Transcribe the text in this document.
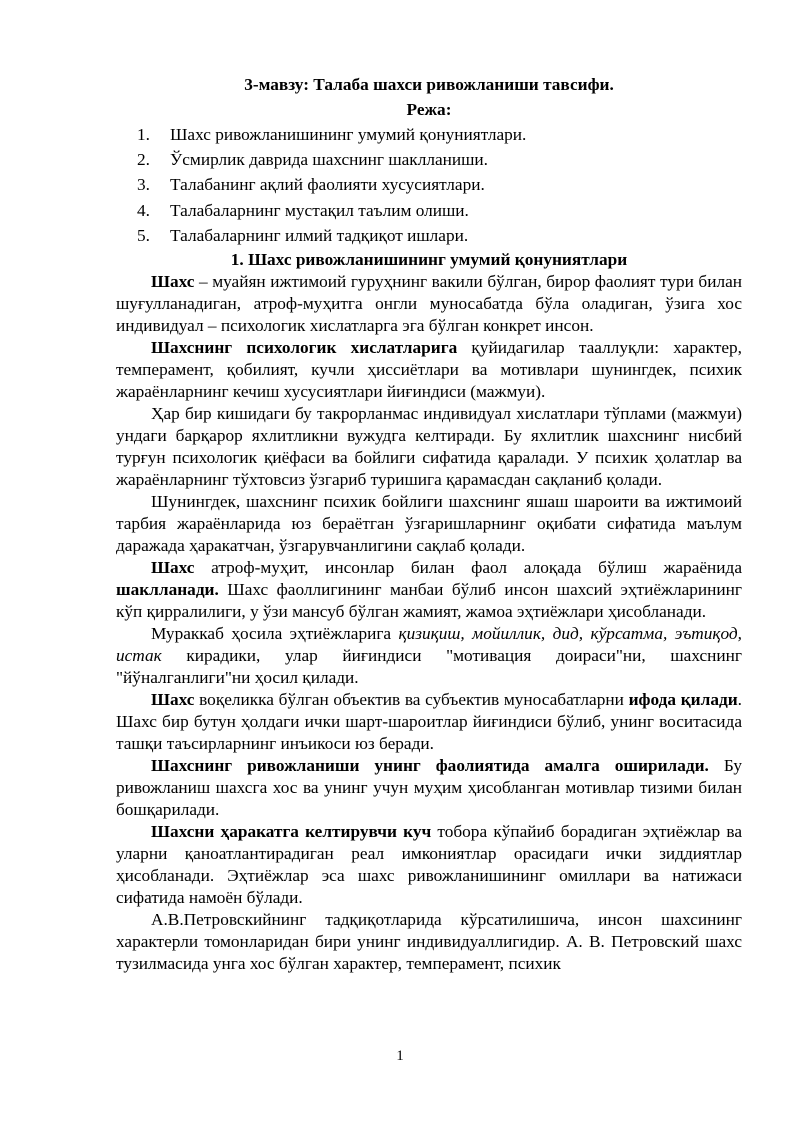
3-мавзу: Талаба шахси ривожланиши тавсифи.

Режа:

1.	Шахс ривожланишининг умумий қонуниятлари.
2.	Ўсмирлик даврида шахснинг шаклланиши.
3.	Талабанинг ақлий фаолияти хусусиятлари.
4.	Талабаларнинг мустақил таълим олиши.
5.	Талабаларнинг илмий тадқиқот ишлари.

1. Шахс ривожланишининг умумий қонуниятлари

Шахс – муайян ижтимоий гуруҳнинг вакили бўлган, бирор фаолият тури билан шуғулланадиган, атроф-муҳитга онгли муносабатда бўла оладиган, ўзига хос индивидуал – психологик хислатларга эга бўлган конкрет инсон.

Шахснинг психологик хислатларига қуйидагилар тааллуқли: характер, темперамент, қобилият, кучли ҳиссиётлари ва мотивлари шунингдек, психик жараёнларнинг кечиш хусусиятлари йиғиндиси (мажмуи).

Ҳар бир кишидаги бу такрорланмас индивидуал хислатлари тўплами (мажмуи) ундаги барқарор яхлитликни вужудга келтиради. Бу яхлитлик шахснинг нисбий турғун психологик қиёфаси ва бойлиги сифатида қаралади. У психик ҳолатлар ва жараёнларнинг тўхтовсиз ўзгариб туришига қарамасдан сақланиб қолади.

Шунингдек, шахснинг психик бойлиги шахснинг яшаш шароити ва ижтимоий тарбия жараёнларида юз бераётган ўзгаришларнинг оқибати сифатида маълум даражада ҳаракатчан, ўзгарувчанлигини сақлаб қолади.

Шахс атроф-муҳит, инсонлар билан фаол алоқада бўлиш жараёнида шаклланади. Шахс фаоллигининг манбаи бўлиб инсон шахсий эҳтиёжларининг кўп қирралилиги, у ўзи мансуб бўлган жамият, жамоа эҳтиёжлари ҳисобланади.

Мураккаб ҳосила эҳтиёжларига қизиқиш, мойиллик, дид, кўрсатма, эътиқод, истак кирадики, улар йиғиндиси "мотивация доираси"ни, шахснинг "йўналганлиги"ни ҳосил қилади.

Шахс воқеликка бўлган объектив ва субъектив муносабатларни ифода қилади. Шахс бир бутун ҳолдаги ички шарт-шароитлар йиғиндиси бўлиб, унинг воситасида ташқи таъсирларнинг инъикоси юз беради.

Шахснинг ривожланиши унинг фаолиятида амалга оширилади. Бу ривожланиш шахсга хос ва унинг учун муҳим ҳисобланган мотивлар тизими билан бошқарилади.

Шахсни ҳаракатга келтирувчи куч тобора кўпайиб борадиган эҳтиёжлар ва уларни қаноатлантирадиган реал имкониятлар орасидаги ички зиддиятлар ҳисобланади. Эҳтиёжлар эса шахс ривожланишининг омиллари ва натижаси сифатида намоён бўлади.

А.В.Петровскийнинг тадқиқотларида кўрсатилишича, инсон шахсининг характерли томонларидан бири унинг индивидуаллигидир. А. В. Петровский шахс тузилмасида унга хос бўлган характер, темперамент, психик

1
